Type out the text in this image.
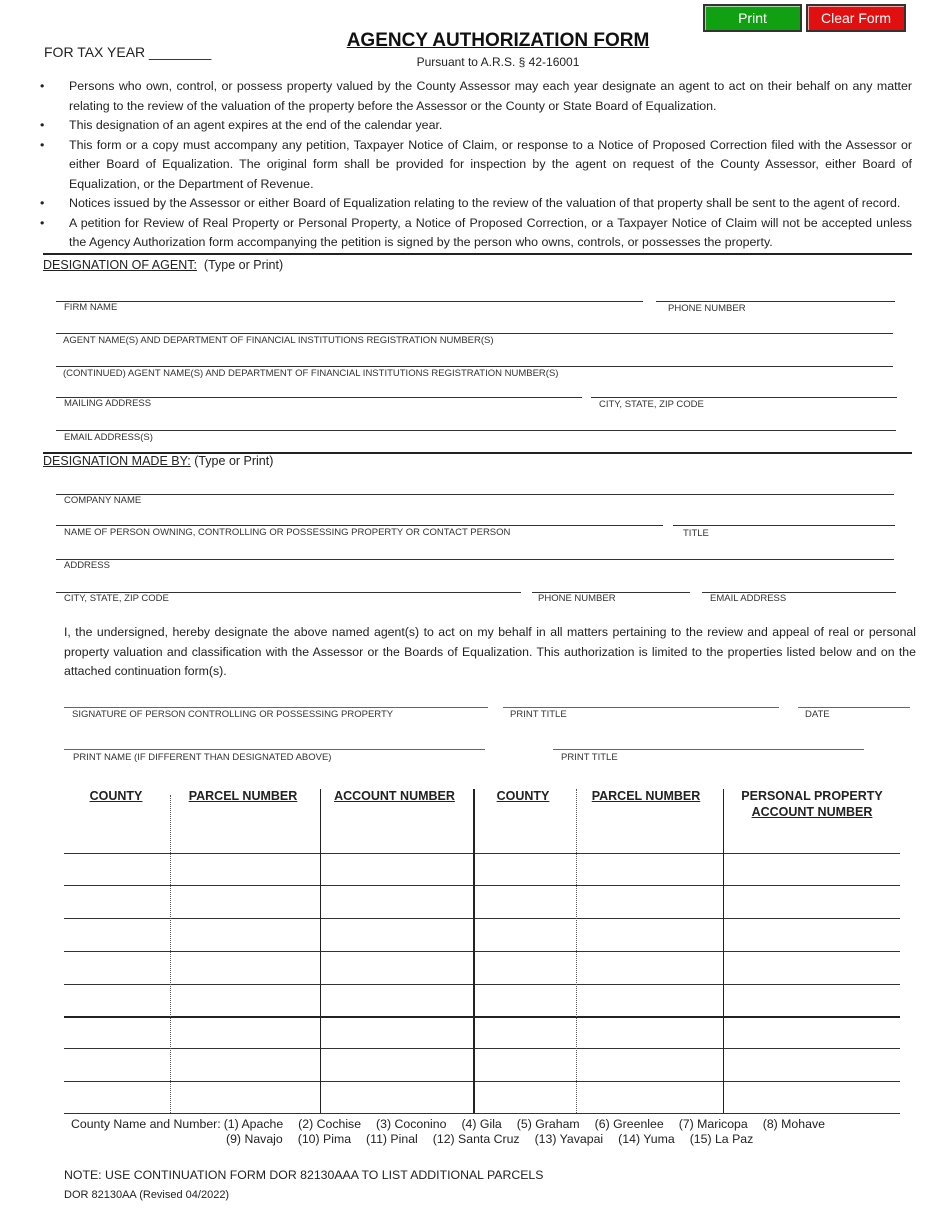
Print	Clear Form
FOR TAX YEAR ________
AGENCY AUTHORIZATION FORM
Pursuant to A.R.S. § 42-16001
•	Persons who own, control, or possess property valued by the County Assessor may each year designate an agent to act on their behalf on any matter relating to the review of the valuation of the property before the Assessor or the County or State Board of Equalization.
•	This designation of an agent expires at the end of the calendar year.
•	This form or a copy must accompany any petition, Taxpayer Notice of Claim, or response to a Notice of Proposed Correction filed with the Assessor or either Board of Equalization. The original form shall be provided for inspection by the agent on request of the County Assessor, either Board of Equalization, or the Department of Revenue.
•	Notices issued by the Assessor or either Board of Equalization relating to the review of the valuation of that property shall be sent to the agent of record.
•	A petition for Review of Real Property or Personal Property, a Notice of Proposed Correction, or a Taxpayer Notice of Claim will not be accepted unless the Agency Authorization form accompanying the petition is signed by the person who owns, controls, or possesses the property.
DESIGNATION OF AGENT: (Type or Print)
FIRM NAME	PHONE NUMBER
AGENT NAME(S) AND DEPARTMENT OF FINANCIAL INSTITUTIONS REGISTRATION NUMBER(S)
(CONTINUED) AGENT NAME(S) AND DEPARTMENT OF FINANCIAL INSTITUTIONS REGISTRATION NUMBER(S)
MAILING ADDRESS	CITY, STATE, ZIP CODE
EMAIL ADDRESS(S)
DESIGNATION MADE BY: (Type or Print)
COMPANY NAME
NAME OF PERSON OWNING, CONTROLLING OR POSSESSING PROPERTY OR CONTACT PERSON	TITLE
ADDRESS
CITY, STATE, ZIP CODE	PHONE NUMBER	EMAIL ADDRESS
I, the undersigned, hereby designate the above named agent(s) to act on my behalf in all matters pertaining to the review and appeal of real or personal property valuation and classification with the Assessor or the Boards of Equalization. This authorization is limited to the properties listed below and on the attached continuation form(s).
SIGNATURE OF PERSON CONTROLLING OR POSSESSING PROPERTY	PRINT TITLE	DATE
PRINT NAME (IF DIFFERENT THAN DESIGNATED ABOVE)	PRINT TITLE
COUNTY	PARCEL NUMBER	ACCOUNT NUMBER	COUNTY	PARCEL NUMBER	PERSONAL PROPERTY
ACCOUNT NUMBER
County Name and Number: (1) Apache (2) Cochise (3) Coconino (4) Gila (5) Graham (6) Greenlee (7) Maricopa (8) Mohave
(9) Navajo (10) Pima (11) Pinal (12) Santa Cruz (13) Yavapai (14) Yuma (15) La Paz
NOTE: USE CONTINUATION FORM DOR 82130AAA TO LIST ADDITIONAL PARCELS
DOR 82130AA (Revised 04/2022)
